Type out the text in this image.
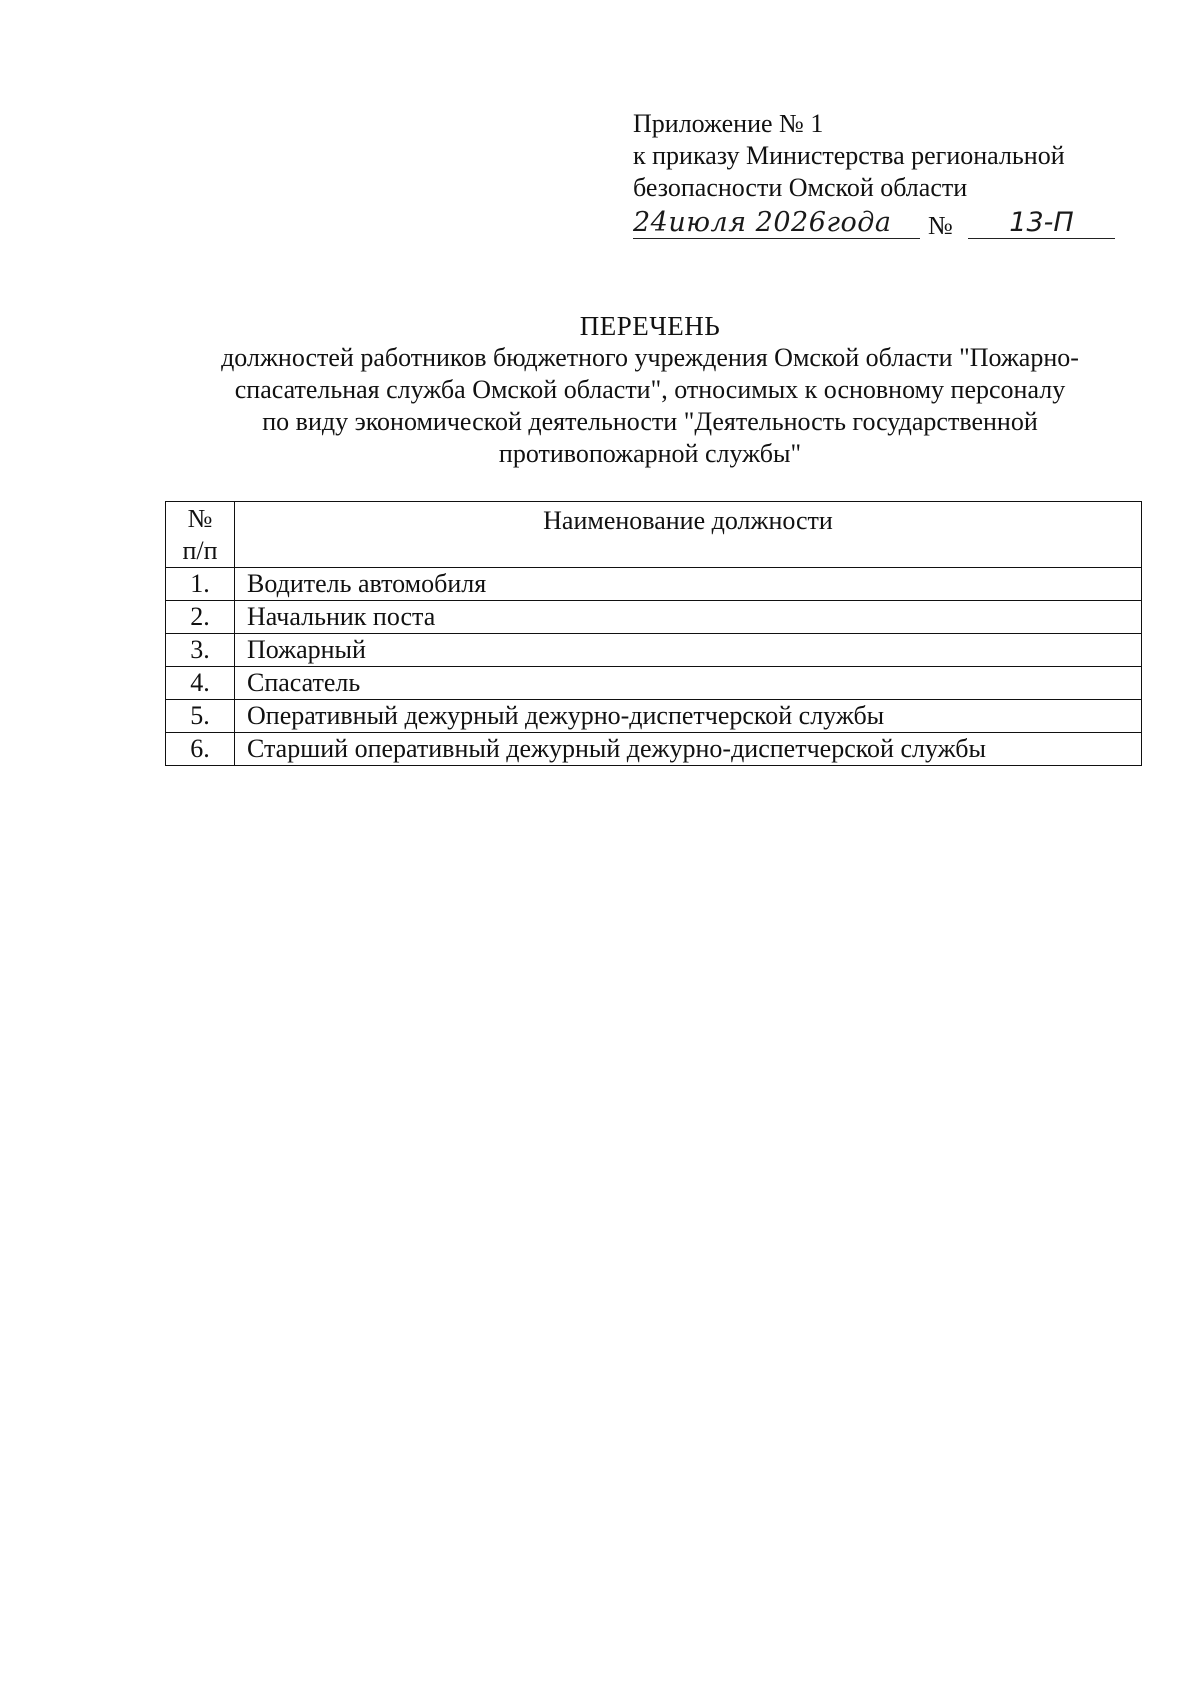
Приложение № 1
к приказу Министерства региональной
безопасности Омской области
24июля 2026года	№	13-П
ПЕРЕЧЕНЬ
должностей работников бюджетного учреждения Омской области "Пожарно-
спасательная служба Омской области", относимых к основному персоналу
по виду экономической деятельности "Деятельность государственной
противопожарной службы"
№
п/п	Наименование должности

1.	Водитель автомобиля
2.	Начальник поста
3.	Пожарный
4.	Спасатель
5.	Оперативный дежурный дежурно-диспетчерской службы
6.	Старший оперативный дежурный дежурно-диспетчерской службы
